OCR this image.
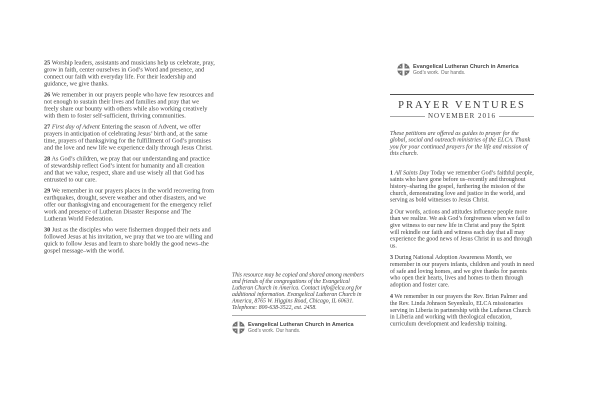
25 Worship leaders, assistants and musicians help us celebrate, pray, grow in faith, center ourselves in God’s Word and presence, and connect our faith with everyday life. For their leadership and guidance, we give thanks.

26 We remember in our prayers people who have few resources and not enough to sustain their lives and families and pray that we freely share our bounty with others while also working creatively with them to foster self-sufficient, thriving communities.

27 First day of Advent Entering the season of Advent, we offer prayers in anticipation of celebrating Jesus’ birth and, at the same time, prayers of thanksgiving for the fulfillment of God’s promises and the love and new life we experience daily through Jesus Christ.

28 As God’s children, we pray that our understanding and practice of stewardship reflect God’s intent for humanity and all creation and that we value, respect, share and use wisely all that God has entrusted to our care.

29 We remember in our prayers places in the world recovering from earthquakes, drought, severe weather and other disasters, and we offer our thanksgiving and encouragement for the emergency relief work and presence of Lutheran Disaster Response and The Lutheran World Federation.

30 Just as the disciples who were fishermen dropped their nets and followed Jesus at his invitation, we pray that we too are willing and quick to follow Jesus and learn to share boldly the good news–the gospel message–with the world.

This resource may be copied and shared among members and friends of the congregations of the Evangelical Lutheran Church in America. Contact info@elca.org for additional information. Evangelical Lutheran Church in America, 8765 W. Higgins Road, Chicago, IL 60631. Telephone: 800-638-3522, ext. 2458.

Evangelical Lutheran Church in America
God’s work. Our hands.
Evangelical Lutheran Church in America
God’s work. Our hands.
PRAYER VENTURES
NOVEMBER 2016

These petitions are offered as guides to prayer for the global, social and outreach ministries of the ELCA. Thank you for your continued prayers for the life and mission of this church.

1 All Saints Day Today we remember God’s faithful people, saints who have gone before us–recently and throughout history–sharing the gospel, furthering the mission of the church, demonstrating love and justice in the world, and serving as bold witnesses to Jesus Christ.

2 Our words, actions and attitudes influence people more than we realize. We ask God’s forgiveness when we fail to give witness to our new life in Christ and pray the Spirit will rekindle our faith and witness each day that all may experience the good news of Jesus Christ in us and through us.

3 During National Adoption Awareness Month, we remember in our prayers infants, children and youth in need of safe and loving homes, and we give thanks for parents who open their hearts, lives and homes to them through adoption and foster care.

4 We remember in our prayers the Rev. Brian Palmer and the Rev. Linda Johnson Seyenkulo, ELCA missionaries serving in Liberia in partnership with the Lutheran Church in Liberia and working with theological education, curriculum development and leadership training.
